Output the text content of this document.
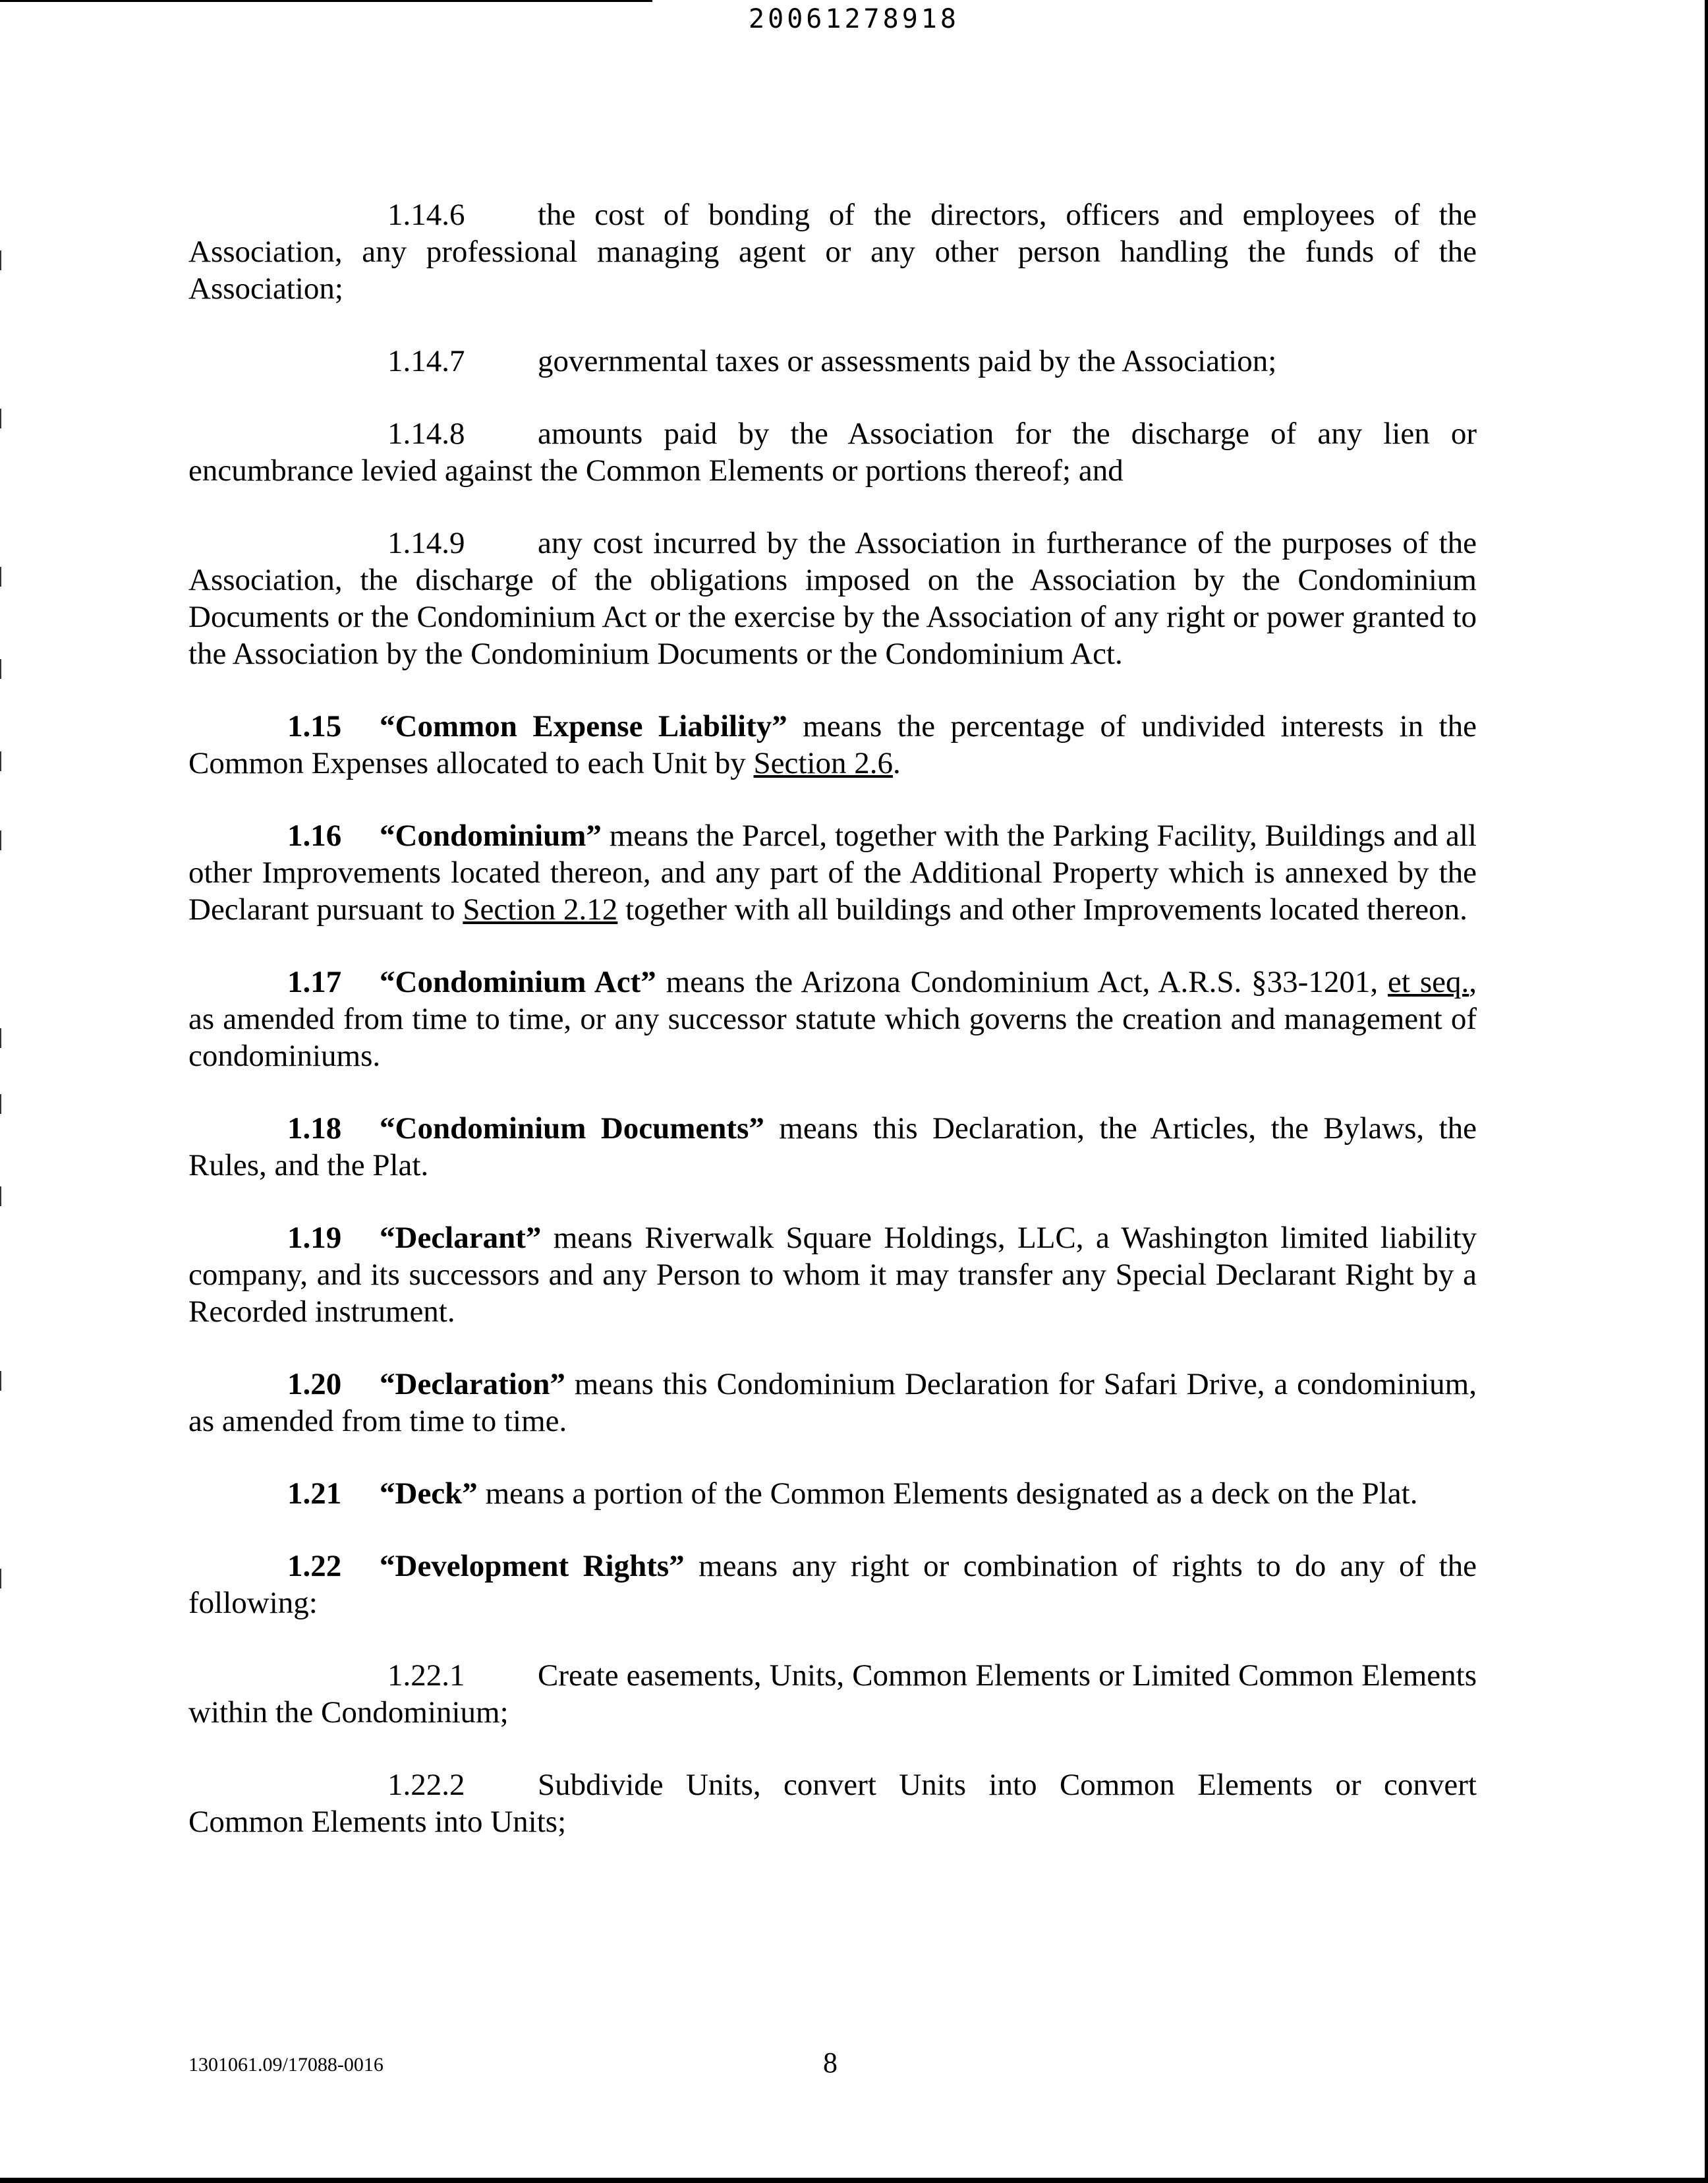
20061278918

1.14.6 the cost of bonding of the directors, officers and employees of the Association, any professional managing agent or any other person handling the funds of the Association;

1.14.7 governmental taxes or assessments paid by the Association;

1.14.8 amounts paid by the Association for the discharge of any lien or encumbrance levied against the Common Elements or portions thereof; and

1.14.9 any cost incurred by the Association in furtherance of the purposes of the Association, the discharge of the obligations imposed on the Association by the Condominium Documents or the Condominium Act or the exercise by the Association of any right or power granted to the Association by the Condominium Documents or the Condominium Act.

1.15 “Common Expense Liability” means the percentage of undivided interests in the Common Expenses allocated to each Unit by Section 2.6.

1.16 “Condominium” means the Parcel, together with the Parking Facility, Buildings and all other Improvements located thereon, and any part of the Additional Property which is annexed by the Declarant pursuant to Section 2.12 together with all buildings and other Improvements located thereon.

1.17 “Condominium Act” means the Arizona Condominium Act, A.R.S. §33-1201, et seq., as amended from time to time, or any successor statute which governs the creation and management of condominiums.

1.18 “Condominium Documents” means this Declaration, the Articles, the Bylaws, the Rules, and the Plat.

1.19 “Declarant” means Riverwalk Square Holdings, LLC, a Washington limited liability company, and its successors and any Person to whom it may transfer any Special Declarant Right by a Recorded instrument.

1.20 “Declaration” means this Condominium Declaration for Safari Drive, a condominium, as amended from time to time.

1.21 “Deck” means a portion of the Common Elements designated as a deck on the Plat.

1.22 “Development Rights” means any right or combination of rights to do any of the following:

1.22.1 Create easements, Units, Common Elements or Limited Common Elements within the Condominium;

1.22.2 Subdivide Units, convert Units into Common Elements or convert Common Elements into Units;

1301061.09/17088-0016	8
